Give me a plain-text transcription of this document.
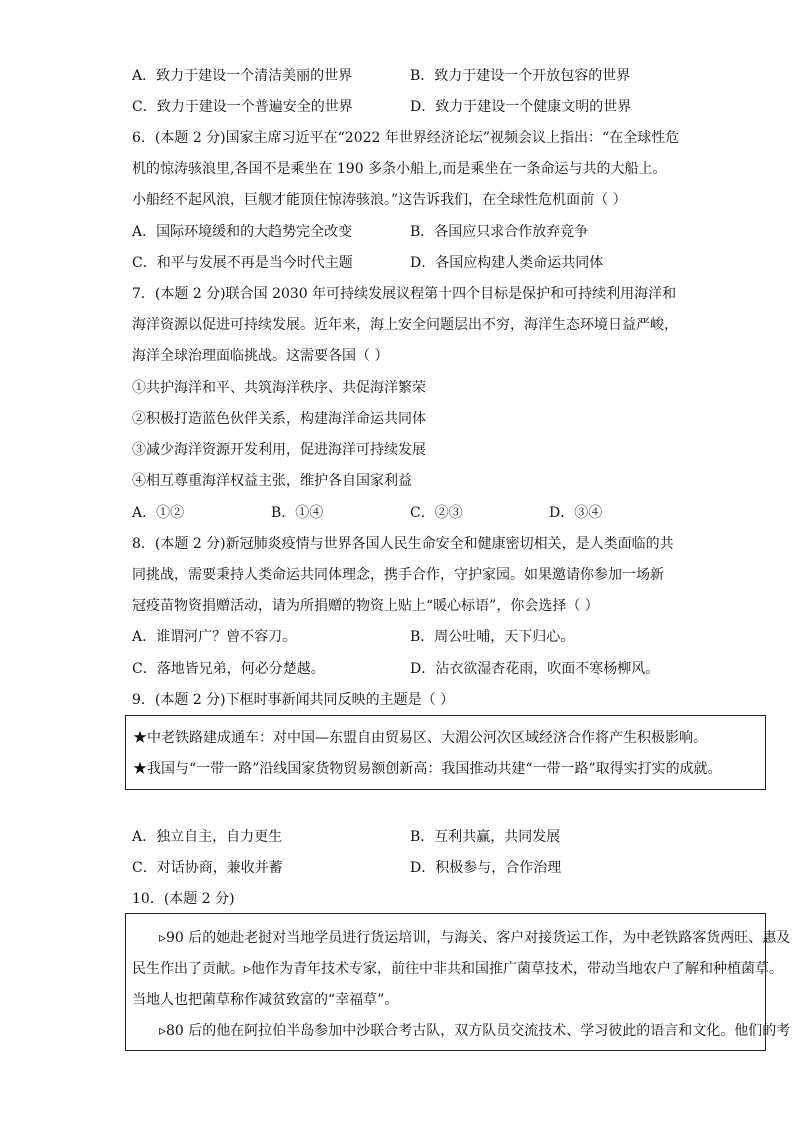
A．致力于建设一个清洁美丽的世界	B．致力于建设一个开放包容的世界
C．致力于建设一个普遍安全的世界	D．致力于建设一个健康文明的世界
6．(本题 2 分)国家主席习近平在“2022 年世界经济论坛”视频会议上指出：“在全球性危
机的惊涛骇浪里,各国不是乘坐在 190 多条小船上,而是乘坐在一条命运与共的大船上。
小船经不起风浪，巨舰才能顶住惊涛骇浪。”这告诉我们，在全球性危机面前（ ）
A．国际环境缓和的大趋势完全改变	B．各国应只求合作放弃竞争
C．和平与发展不再是当今时代主题	D．各国应构建人类命运共同体
7．(本题 2 分)联合国 2030 年可持续发展议程第十四个目标是保护和可持续利用海洋和
海洋资源以促进可持续发展。近年来，海上安全问题层出不穷，海洋生态环境日益严峻，
海洋全球治理面临挑战。这需要各国（ ）
①共护海洋和平、共筑海洋秩序、共促海洋繁荣
②积极打造蓝色伙伴关系，构建海洋命运共同体
③减少海洋资源开发利用，促进海洋可持续发展
④相互尊重海洋权益主张，维护各自国家利益
A．①②	B．①④	C．②③	D．③④
8．(本题 2 分)新冠肺炎疫情与世界各国人民生命安全和健康密切相关，是人类面临的共
同挑战，需要秉持人类命运共同体理念，携手合作，守护家园。如果邀请你参加一场新
冠疫苗物资捐赠活动，请为所捐赠的物资上贴上“暖心标语”，你会选择（ ）
A．谁谓河广？曾不容刀。	B．周公吐哺，天下归心。
C．落地皆兄弟，何必分楚越。	D．沾衣欲湿杏花雨，吹面不寒杨柳风。
9．(本题 2 分)下框时事新闻共同反映的主题是（ ）
★中老铁路建成通车：对中国—东盟自由贸易区、大湄公河次区域经济合作将产生积极影响。
★我国与“一带一路”沿线国家货物贸易额创新高：我国推动共建“一带一路”取得实打实的成就。
A．独立自主，自力更生	B．互利共赢，共同发展
C．对话协商，兼收并蓄	D．积极参与，合作治理
10．(本题 2 分)
▹90 后的她赴老挝对当地学员进行货运培训，与海关、客户对接货运工作，为中老铁路客货两旺、惠及
民生作出了贡献。▹他作为青年技术专家，前往中非共和国推广菌草技术，带动当地农户了解和种植菌草。
当地人也把菌草称作减贫致富的“幸福草”。
▹80 后的他在阿拉伯半岛参加中沙联合考古队，双方队员交流技术、学习彼此的语言和文化。他们的考
